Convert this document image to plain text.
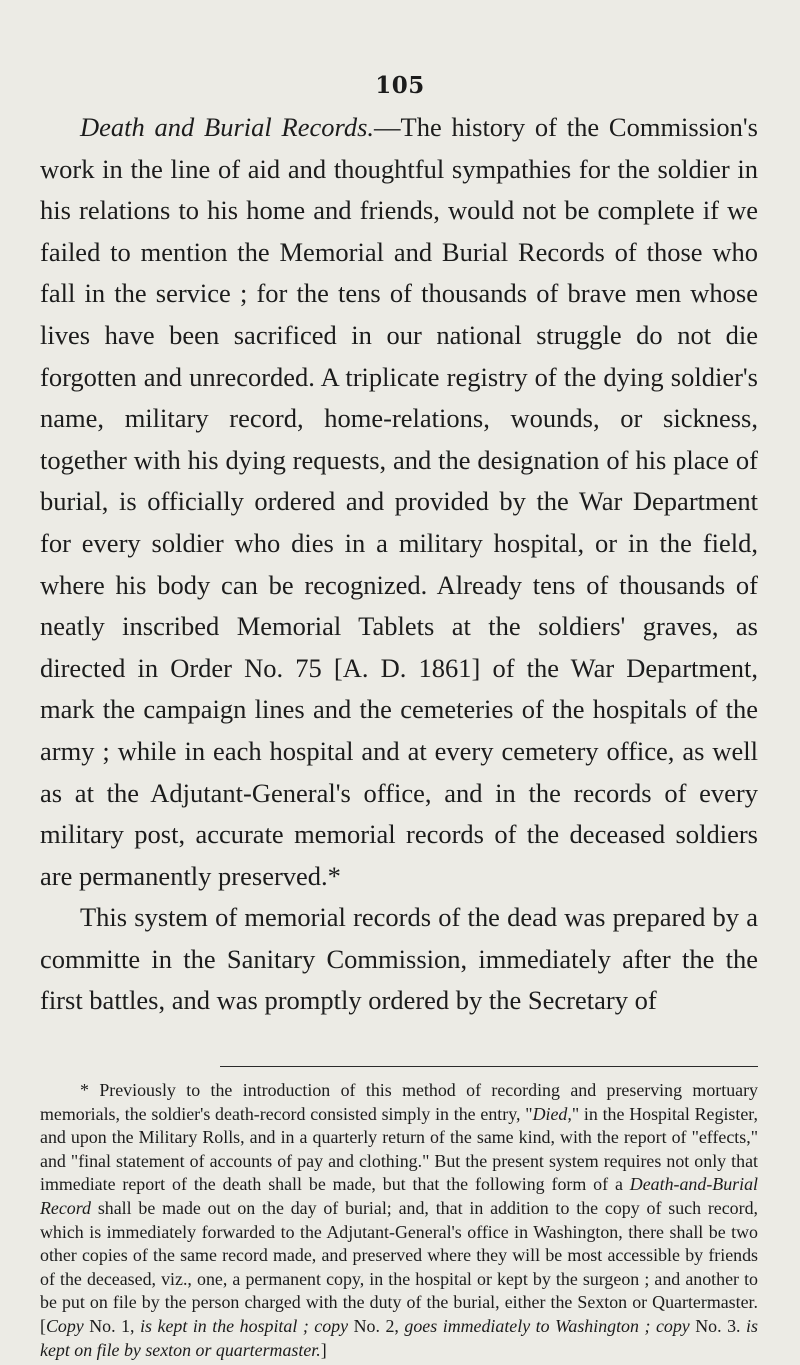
105

Death and Burial Records.—The history of the Commission's work in the line of aid and thoughtful sympathies for the soldier in his relations to his home and friends, would not be complete if we failed to mention the Memorial and Burial Records of those who fall in the service ; for the tens of thousands of brave men whose lives have been sacrificed in our national struggle do not die forgotten and unrecorded. A triplicate registry of the dying soldier's name, military record, home-relations, wounds, or sickness, together with his dying requests, and the designation of his place of burial, is officially ordered and provided by the War Department for every soldier who dies in a military hospital, or in the field, where his body can be recognized. Already tens of thousands of neatly inscribed Memorial Tablets at the soldiers' graves, as directed in Order No. 75 [A. D. 1861] of the War Department, mark the campaign lines and the cemeteries of the hospitals of the army ; while in each hospital and at every cemetery office, as well as at the Adjutant-General's office, and in the records of every military post, accurate memorial records of the deceased soldiers are permanently preserved.*

This system of memorial records of the dead was prepared by a committe in the Sanitary Commission, immediately after the the first battles, and was promptly ordered by the Secretary of

* Previously to the introduction of this method of recording and preserving mortuary memorials, the soldier's death-record consisted simply in the entry, "Died," in the Hospital Register, and upon the Military Rolls, and in a quarterly return of the same kind, with the report of "effects," and "final statement of accounts of pay and clothing." But the present system requires not only that immediate report of the death shall be made, but that the following form of a Death-and-Burial Record shall be made out on the day of burial; and, that in addition to the copy of such record, which is immediately forwarded to the Adjutant-General's office in Washington, there shall be two other copies of the same record made, and preserved where they will be most accessible by friends of the deceased, viz., one, a permanent copy, in the hospital or kept by the surgeon ; and another to be put on file by the person charged with the duty of the burial, either the Sexton or Quartermaster. [Copy No. 1, is kept in the hospital ; copy No. 2, goes immediately to Washington ; copy No. 3. is kept on file by sexton or quartermaster.]
